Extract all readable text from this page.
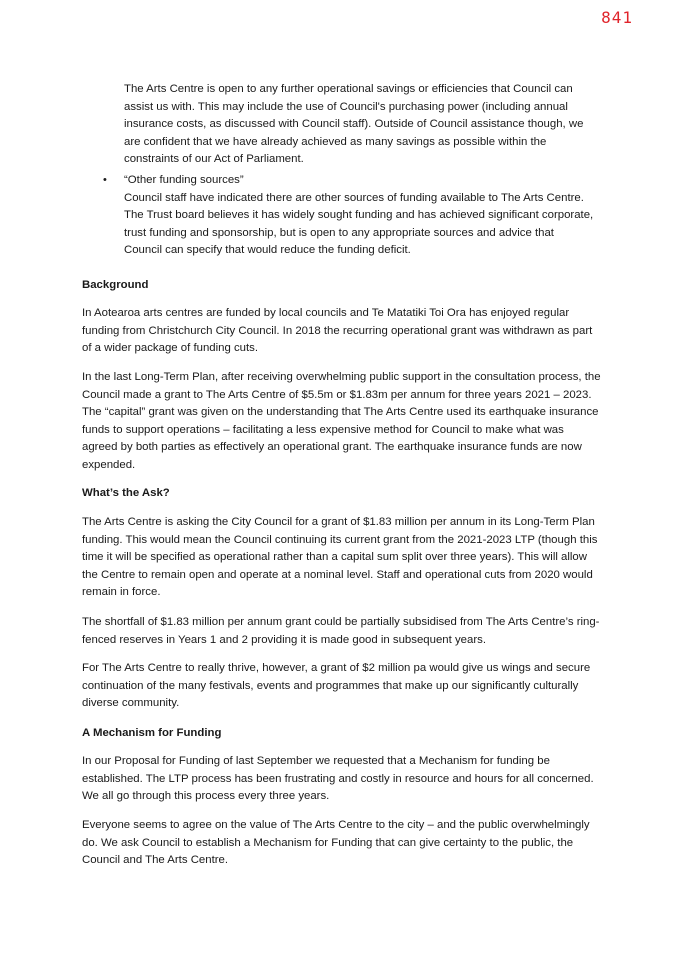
841

The Arts Centre is open to any further operational savings or efficiencies that Council can assist us with. This may include the use of Council's purchasing power (including annual insurance costs, as discussed with Council staff). Outside of Council assistance though, we are confident that we have already achieved as many savings as possible within the constraints of our Act of Parliament.

• “Other funding sources”

Council staff have indicated there are other sources of funding available to The Arts Centre. The Trust board believes it has widely sought funding and has achieved significant corporate, trust funding and sponsorship, but is open to any appropriate sources and advice that Council can specify that would reduce the funding deficit.

Background

In Aotearoa arts centres are funded by local councils and Te Matatiki Toi Ora has enjoyed regular funding from Christchurch City Council. In 2018 the recurring operational grant was withdrawn as part of a wider package of funding cuts.

In the last Long-Term Plan, after receiving overwhelming public support in the consultation process, the Council made a grant to The Arts Centre of $5.5m or $1.83m per annum for three years 2021 – 2023. The “capital” grant was given on the understanding that The Arts Centre used its earthquake insurance funds to support operations – facilitating a less expensive method for Council to make what was agreed by both parties as effectively an operational grant. The earthquake insurance funds are now expended.

What’s the Ask?

The Arts Centre is asking the City Council for a grant of $1.83 million per annum in its Long-Term Plan funding. This would mean the Council continuing its current grant from the 2021-2023 LTP (though this time it will be specified as operational rather than a capital sum split over three years). This will allow the Centre to remain open and operate at a nominal level. Staff and operational cuts from 2020 would remain in force.

The shortfall of $1.83 million per annum grant could be partially subsidised from The Arts Centre’s ring- fenced reserves in Years 1 and 2 providing it is made good in subsequent years.

For The Arts Centre to really thrive, however, a grant of $2 million pa would give us wings and secure continuation of the many festivals, events and programmes that make up our significantly culturally diverse community.

A Mechanism for Funding

In our Proposal for Funding of last September we requested that a Mechanism for funding be established. The LTP process has been frustrating and costly in resource and hours for all concerned. We all go through this process every three years.

Everyone seems to agree on the value of The Arts Centre to the city – and the public overwhelmingly do. We ask Council to establish a Mechanism for Funding that can give certainty to the public, the Council and The Arts Centre.
